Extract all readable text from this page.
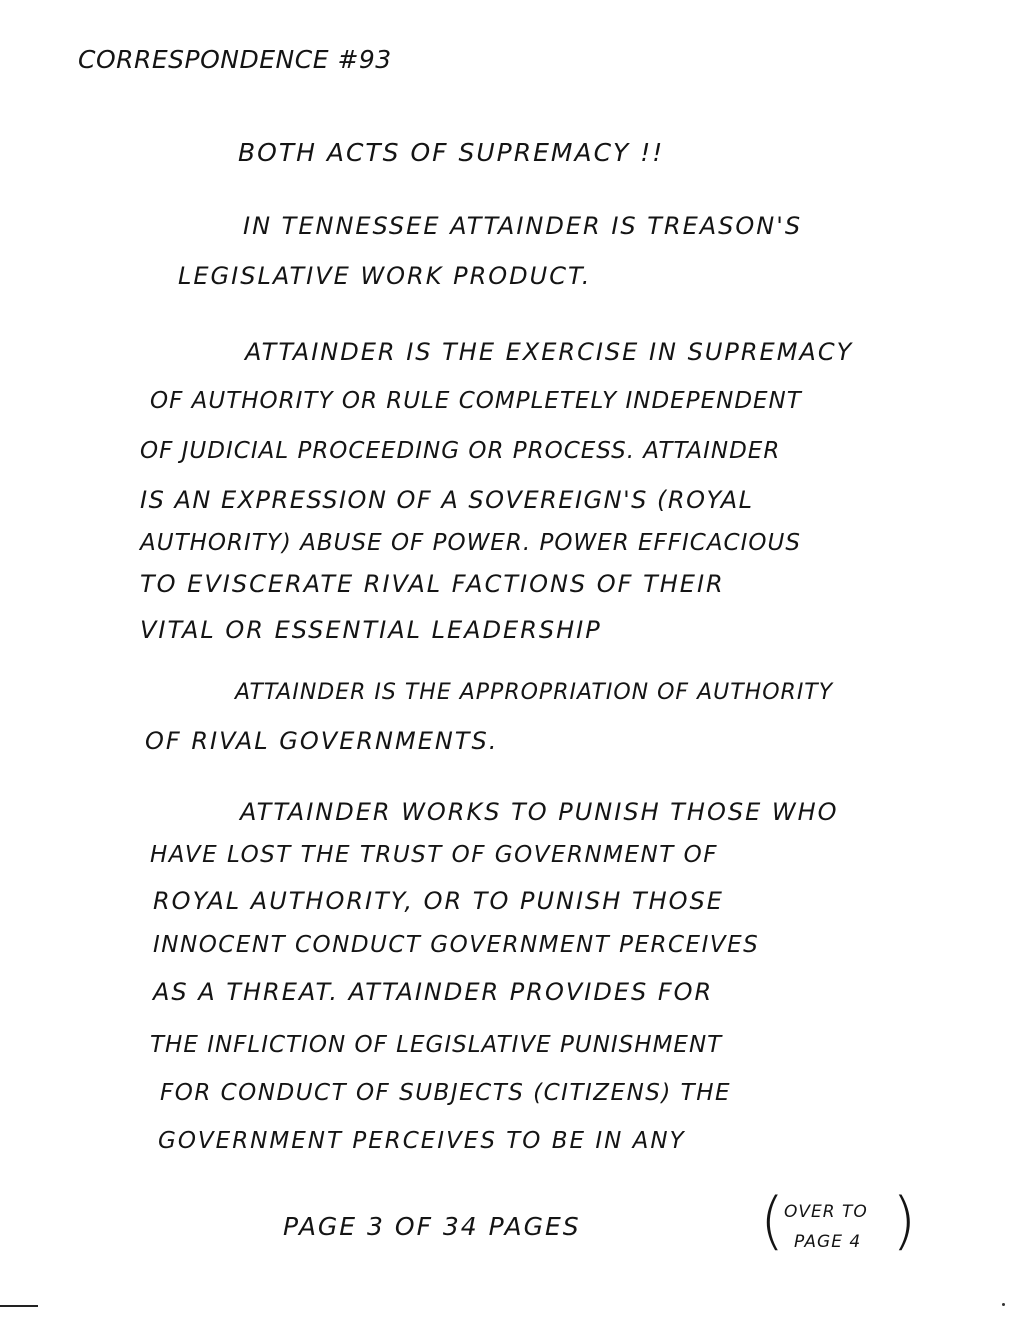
CORRESPONDENCE #93
BOTH ACTS OF SUPREMACY !!
IN TENNESSEE ATTAINDER IS TREASON'S
LEGISLATIVE WORK PRODUCT.
ATTAINDER IS THE EXERCISE IN SUPREMACY
OF AUTHORITY OR RULE COMPLETELY INDEPENDENT
OF JUDICIAL PROCEEDING OR PROCESS. ATTAINDER
IS AN EXPRESSION OF A SOVEREIGN'S (ROYAL
AUTHORITY) ABUSE OF POWER. POWER EFFICACIOUS
TO EVISCERATE RIVAL FACTIONS OF THEIR
VITAL OR ESSENTIAL LEADERSHIP
ATTAINDER IS THE APPROPRIATION OF AUTHORITY
OF RIVAL GOVERNMENTS.
ATTAINDER WORKS TO PUNISH THOSE WHO
HAVE LOST THE TRUST OF GOVERNMENT OF
ROYAL AUTHORITY, OR TO PUNISH THOSE
INNOCENT CONDUCT GOVERNMENT PERCEIVES
AS A THREAT. ATTAINDER PROVIDES FOR
THE INFLICTION OF LEGISLATIVE PUNISHMENT
FOR CONDUCT OF SUBJECTS (CITIZENS) THE
GOVERNMENT PERCEIVES TO BE IN ANY
PAGE 3 OF 34 PAGES	( OVER TO
PAGE 4 )
